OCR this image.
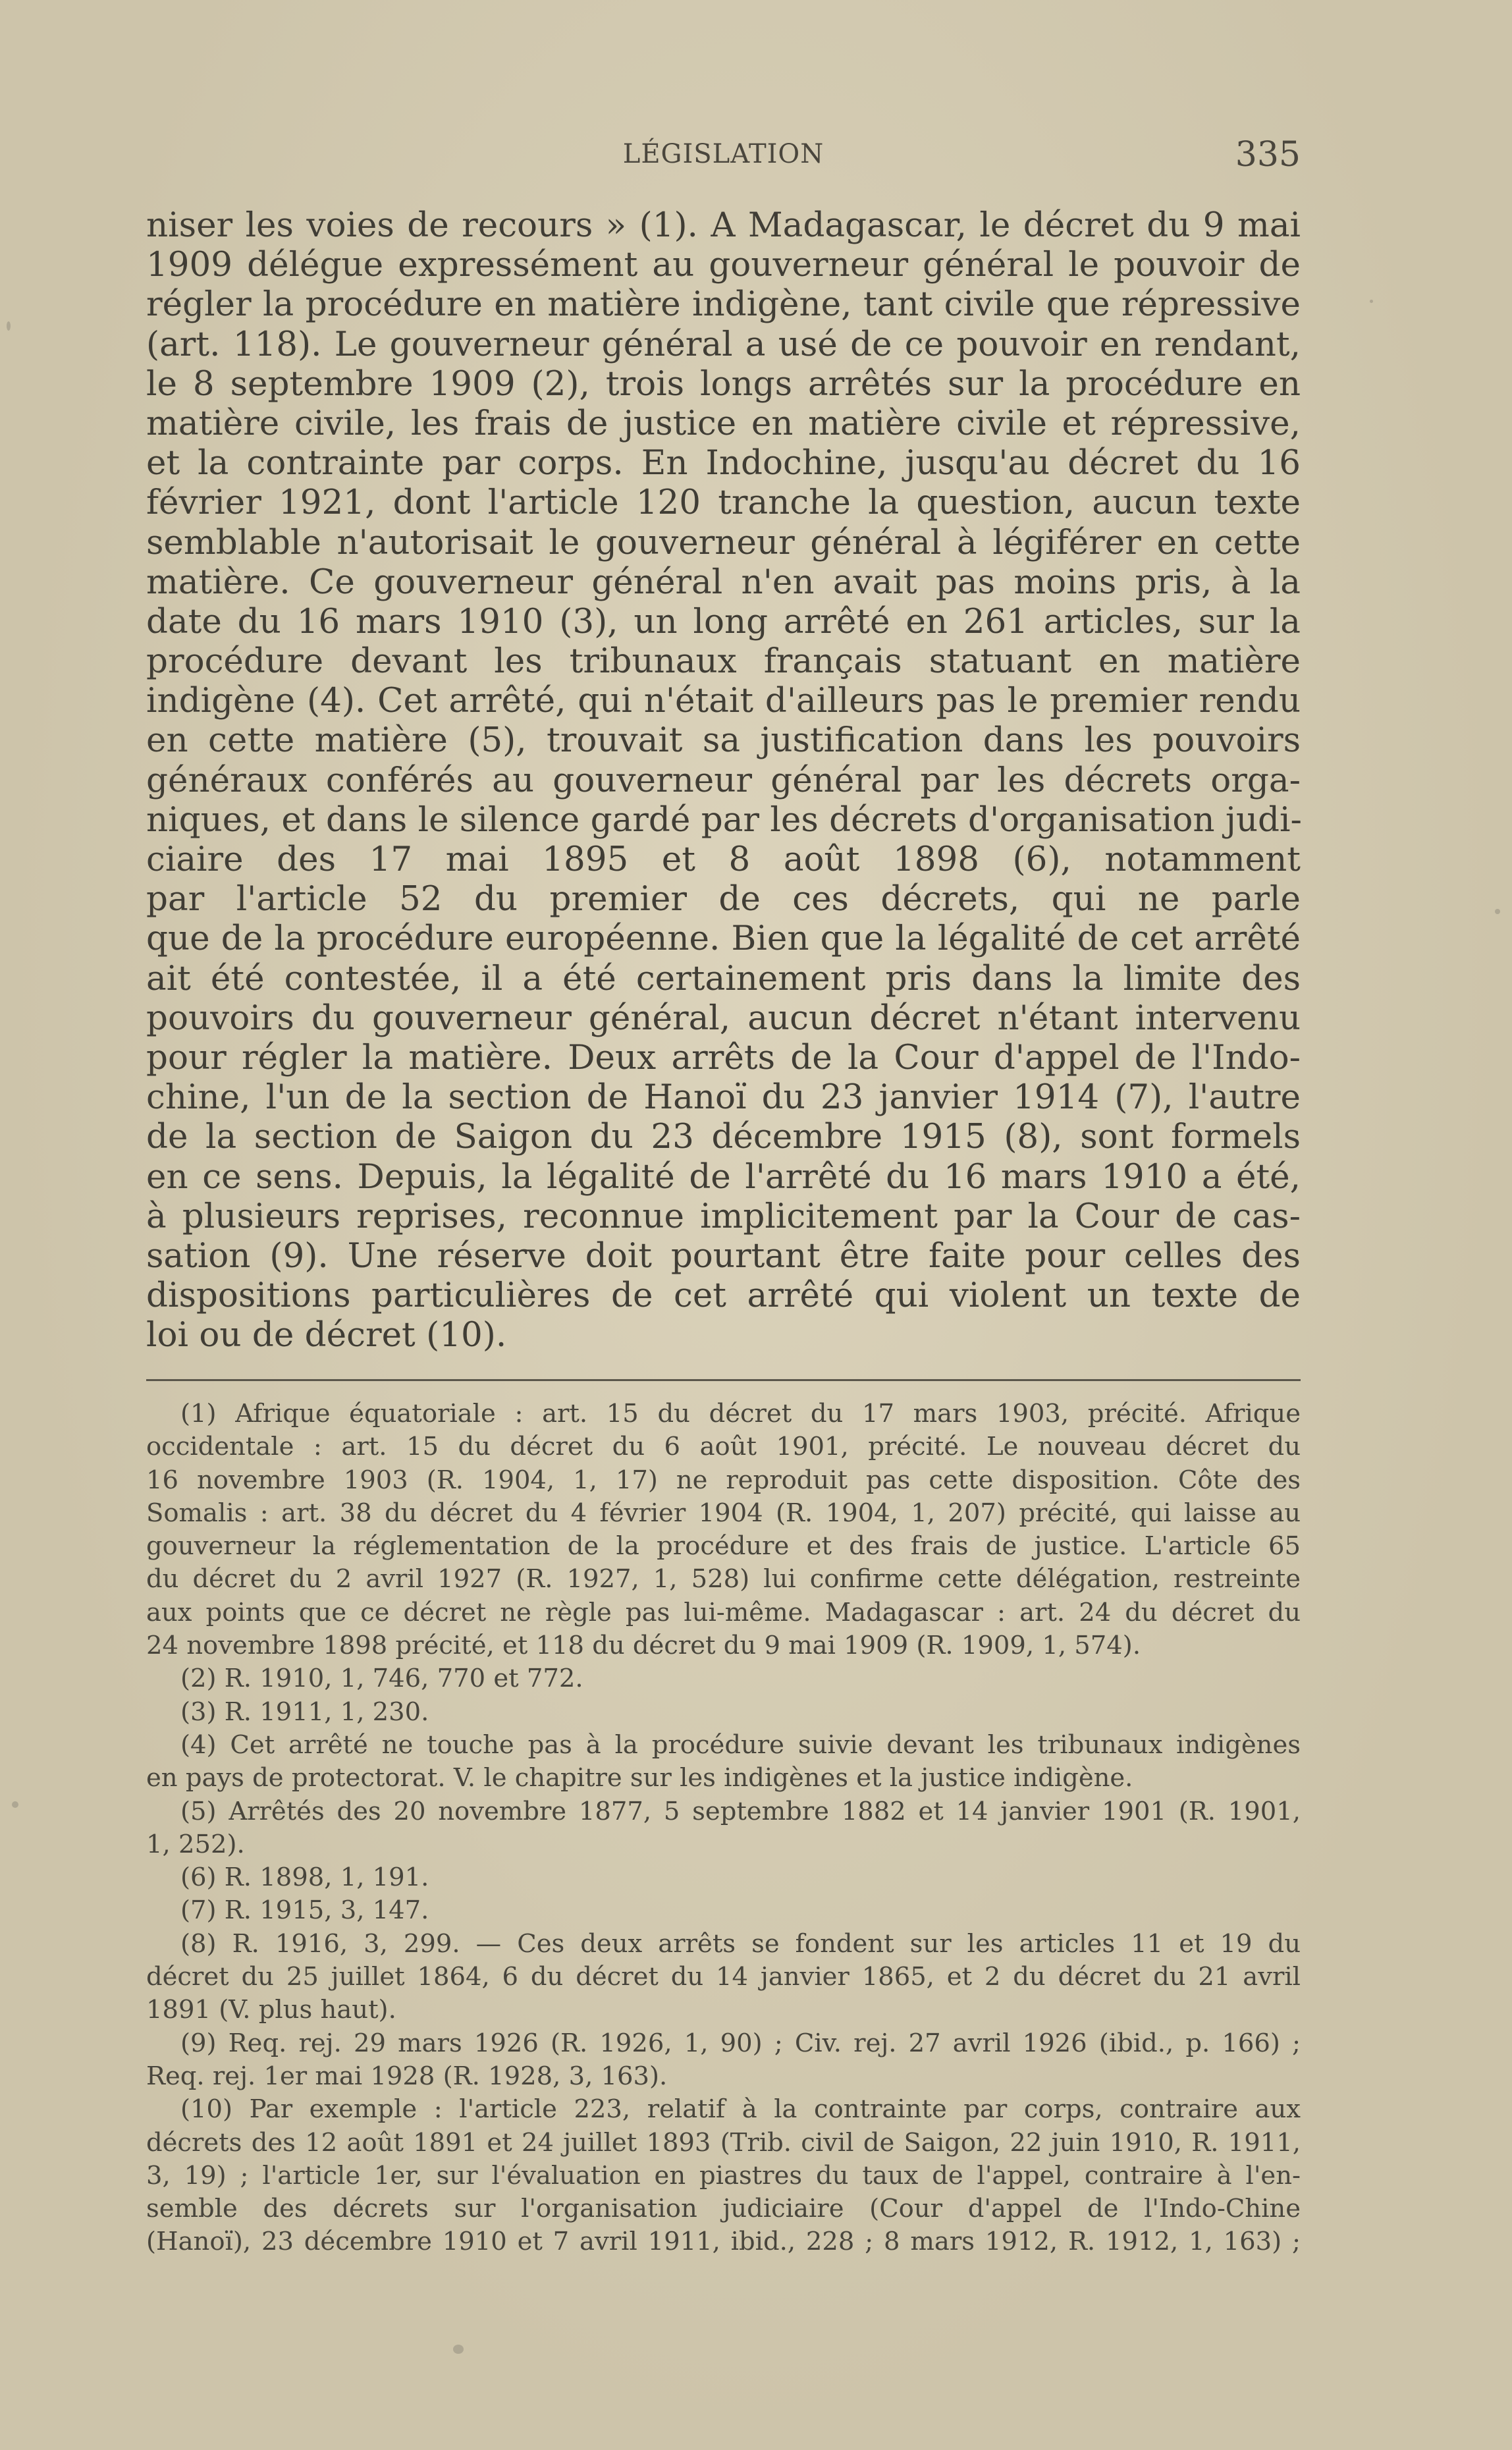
LÉGISLATION	335
niser les voies de recours » (1). A Madagascar, le décret du 9 mai
1909 délégue expressément au gouverneur général le pouvoir de
régler la procédure en matière indigène, tant civile que répressive
(art. 118). Le gouverneur général a usé de ce pouvoir en rendant,
le 8 septembre 1909 (2), trois longs arrêtés sur la procédure en
matière civile, les frais de justice en matière civile et répressive,
et la contrainte par corps. En Indochine, jusqu'au décret du 16
février 1921, dont l'article 120 tranche la question, aucun texte
semblable n'autorisait le gouverneur général à légiférer en cette
matière. Ce gouverneur général n'en avait pas moins pris, à la
date du 16 mars 1910 (3), un long arrêté en 261 articles, sur la
procédure devant les tribunaux français statuant en matière
indigène (4). Cet arrêté, qui n'était d'ailleurs pas le premier rendu
en cette matière (5), trouvait sa justification dans les pouvoirs
généraux conférés au gouverneur général par les décrets orga-
niques, et dans le silence gardé par les décrets d'organisation judi-
ciaire des 17 mai 1895 et 8 août 1898 (6), notamment
par l'article 52 du premier de ces décrets, qui ne parle
que de la procédure européenne. Bien que la légalité de cet arrêté
ait été contestée, il a été certainement pris dans la limite des
pouvoirs du gouverneur général, aucun décret n'étant intervenu
pour régler la matière. Deux arrêts de la Cour d'appel de l'Indo-
chine, l'un de la section de Hanoï du 23 janvier 1914 (7), l'autre
de la section de Saigon du 23 décembre 1915 (8), sont formels
en ce sens. Depuis, la légalité de l'arrêté du 16 mars 1910 a été,
à plusieurs reprises, reconnue implicitement par la Cour de cas-
sation (9). Une réserve doit pourtant être faite pour celles des
dispositions particulières de cet arrêté qui violent un texte de
loi ou de décret (10).
(1) Afrique équatoriale : art. 15 du décret du 17 mars 1903, précité. Afrique
occidentale : art. 15 du décret du 6 août 1901, précité. Le nouveau décret du
16 novembre 1903 (R. 1904, 1, 17) ne reproduit pas cette disposition. Côte des
Somalis : art. 38 du décret du 4 février 1904 (R. 1904, 1, 207) précité, qui laisse au
gouverneur la réglementation de la procédure et des frais de justice. L'article 65
du décret du 2 avril 1927 (R. 1927, 1, 528) lui confirme cette délégation, restreinte
aux points que ce décret ne règle pas lui-même. Madagascar : art. 24 du décret du
24 novembre 1898 précité, et 118 du décret du 9 mai 1909 (R. 1909, 1, 574).
(2) R. 1910, 1, 746, 770 et 772.
(3) R. 1911, 1, 230.
(4) Cet arrêté ne touche pas à la procédure suivie devant les tribunaux indigènes
en pays de protectorat. V. le chapitre sur les indigènes et la justice indigène.
(5) Arrêtés des 20 novembre 1877, 5 septembre 1882 et 14 janvier 1901 (R. 1901,
1, 252).
(6) R. 1898, 1, 191.
(7) R. 1915, 3, 147.
(8) R. 1916, 3, 299. — Ces deux arrêts se fondent sur les articles 11 et 19 du
décret du 25 juillet 1864, 6 du décret du 14 janvier 1865, et 2 du décret du 21 avril
1891 (V. plus haut).
(9) Req. rej. 29 mars 1926 (R. 1926, 1, 90) ; Civ. rej. 27 avril 1926 (ibid., p. 166) ;
Req. rej. 1er mai 1928 (R. 1928, 3, 163).
(10) Par exemple : l'article 223, relatif à la contrainte par corps, contraire aux
décrets des 12 août 1891 et 24 juillet 1893 (Trib. civil de Saigon, 22 juin 1910, R. 1911,
3, 19) ; l'article 1er, sur l'évaluation en piastres du taux de l'appel, contraire à l'en-
semble des décrets sur l'organisation judiciaire (Cour d'appel de l'Indo-Chine
(Hanoï), 23 décembre 1910 et 7 avril 1911, ibid., 228 ; 8 mars 1912, R. 1912, 1, 163) ;
